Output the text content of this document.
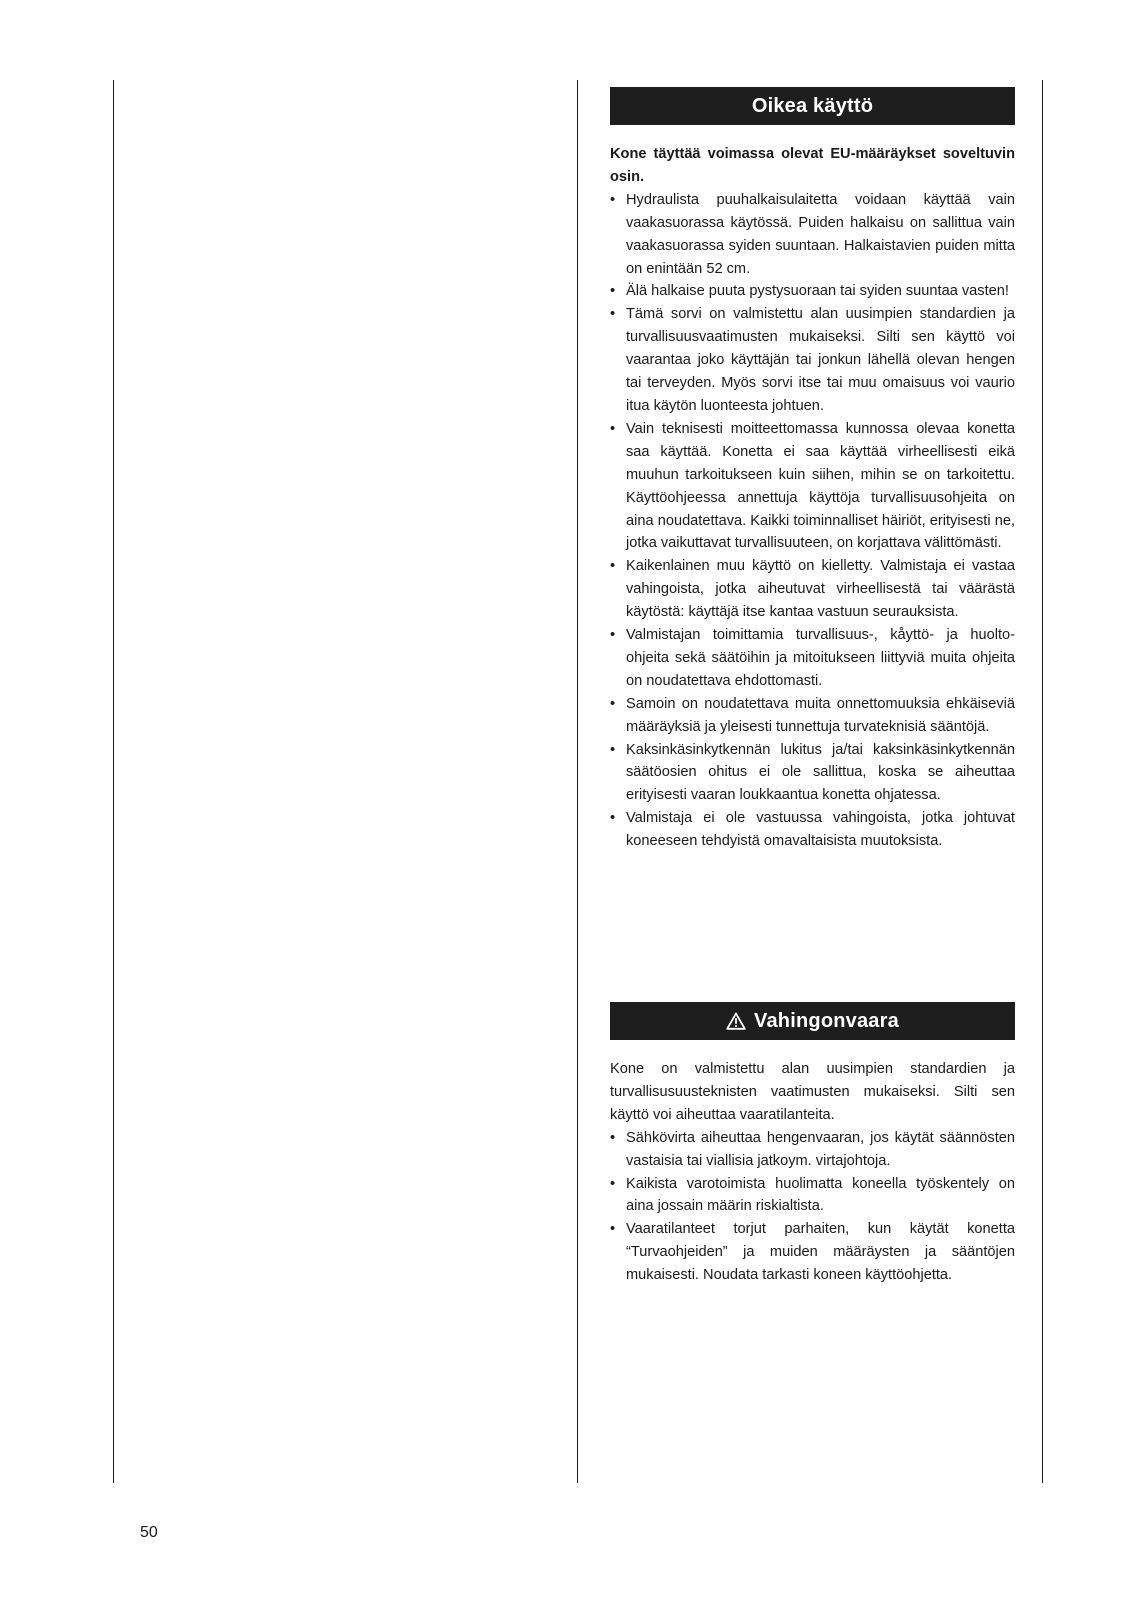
Oikea käyttö
Kone täyttää voimassa olevat EU-määräykset soveltuvin osin.
• Hydraulista puuhalkaisulaitetta voidaan käyttää vain vaakasuorassa käytössä. Puiden halkaisu on sallittua vain vaakasuorassa syiden suuntaan. Halkaistavien puiden mitta on enintään 52 cm.
• Älä halkaise puuta pystysuoraan tai syiden suuntaa vasten!
• Tämä sorvi on valmistettu alan uusimpien standardien ja turvallisuusvaatimusten mukaiseksi. Silti sen käyttö voi vaarantaa joko käyttäjän tai jonkun lähellä olevan hengen tai terveyden. Myös sorvi itse tai muu omaisuus voi vaurio itua käytön luonteesta johtuen.
• Vain teknisesti moitteettomassa kunnossa olevaa konetta saa käyttää. Konetta ei saa käyttää virheellisesti eikä muuhun tarkoitukseen kuin siihen, mihin se on tarkoitettu. Käyttöohjeessa annettuja käyttöja turvallisuusohjeita on aina noudatettava. Kaikki toiminnalliset häiriöt, erityisesti ne, jotka vaikuttavat turvallisuuteen, on korjattava välittömästi.
• Kaikenlainen muu käyttö on kielletty. Valmistaja ei vastaa vahingoista, jotka aiheutuvat virheellisestä tai väärästä käytöstä: käyttäjä itse kantaa vastuun seurauksista.
• Valmistajan toimittamia turvallisuus-, kåyttö- ja huolto-ohjeita sekä säätöihin ja mitoitukseen liittyviä muita ohjeita on noudatettava ehdottomasti.
• Samoin on noudatettava muita onnettomuuksia ehkäiseviä määräyksiä ja yleisesti tunnettuja turvateknisiä sääntöjä.
• Kaksinkäsinkytkennän lukitus ja/tai kaksinkäsinkytkennän säätöosien ohitus ei ole sallittua, koska se aiheuttaa erityisesti vaaran loukkaantua konetta ohjatessa.
• Valmistaja ei ole vastuussa vahingoista, jotka johtuvat koneeseen tehdyistä omavaltaisista muutoksista.
Vahingonvaara
Kone on valmistettu alan uusimpien standardien ja turvallisusuusteknisten vaatimusten mukaiseksi. Silti sen käyttö voi aiheuttaa vaaratilanteita.
• Sähkövirta aiheuttaa hengenvaaran, jos käytät säännösten vastaisia tai viallisia jatkoym. virtajohtoja.
• Kaikista varotoimista huolimatta koneella työskentely on aina jossain määrin riskialtista.
• Vaaratilanteet torjut parhaiten, kun käytät konetta “Turvaohjeiden” ja muiden määräysten ja sääntöjen mukaisesti. Noudata tarkasti koneen käyttöohjetta.
50
